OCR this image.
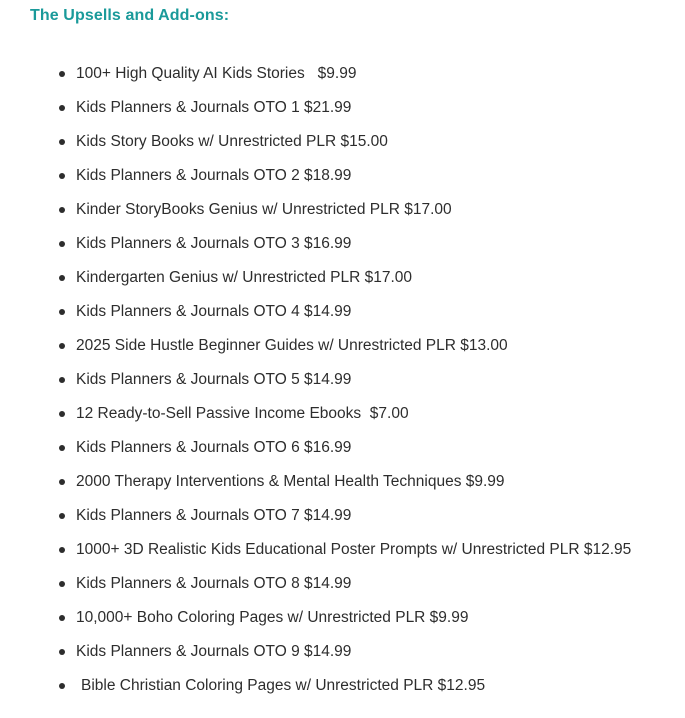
The Upsells and Add-ons:
100+ High Quality AI Kids Stories   $9.99
Kids Planners & Journals OTO 1 $21.99
Kids Story Books w/ Unrestricted PLR $15.00
Kids Planners & Journals OTO 2 $18.99
Kinder StoryBooks Genius w/ Unrestricted PLR $17.00
Kids Planners & Journals OTO 3 $16.99
Kindergarten Genius w/ Unrestricted PLR $17.00
Kids Planners & Journals OTO 4 $14.99
2025 Side Hustle Beginner Guides w/ Unrestricted PLR $13.00
Kids Planners & Journals OTO 5 $14.99
12 Ready-to-Sell Passive Income Ebooks  $7.00
Kids Planners & Journals OTO 6 $16.99
2000 Therapy Interventions & Mental Health Techniques $9.99
Kids Planners & Journals OTO 7 $14.99
1000+ 3D Realistic Kids Educational Poster Prompts w/ Unrestricted PLR $12.95
Kids Planners & Journals OTO 8 $14.99
10,000+ Boho Coloring Pages w/ Unrestricted PLR $9.99
Kids Planners & Journals OTO 9 $14.99
Bible Christian Coloring Pages w/ Unrestricted PLR $12.95
